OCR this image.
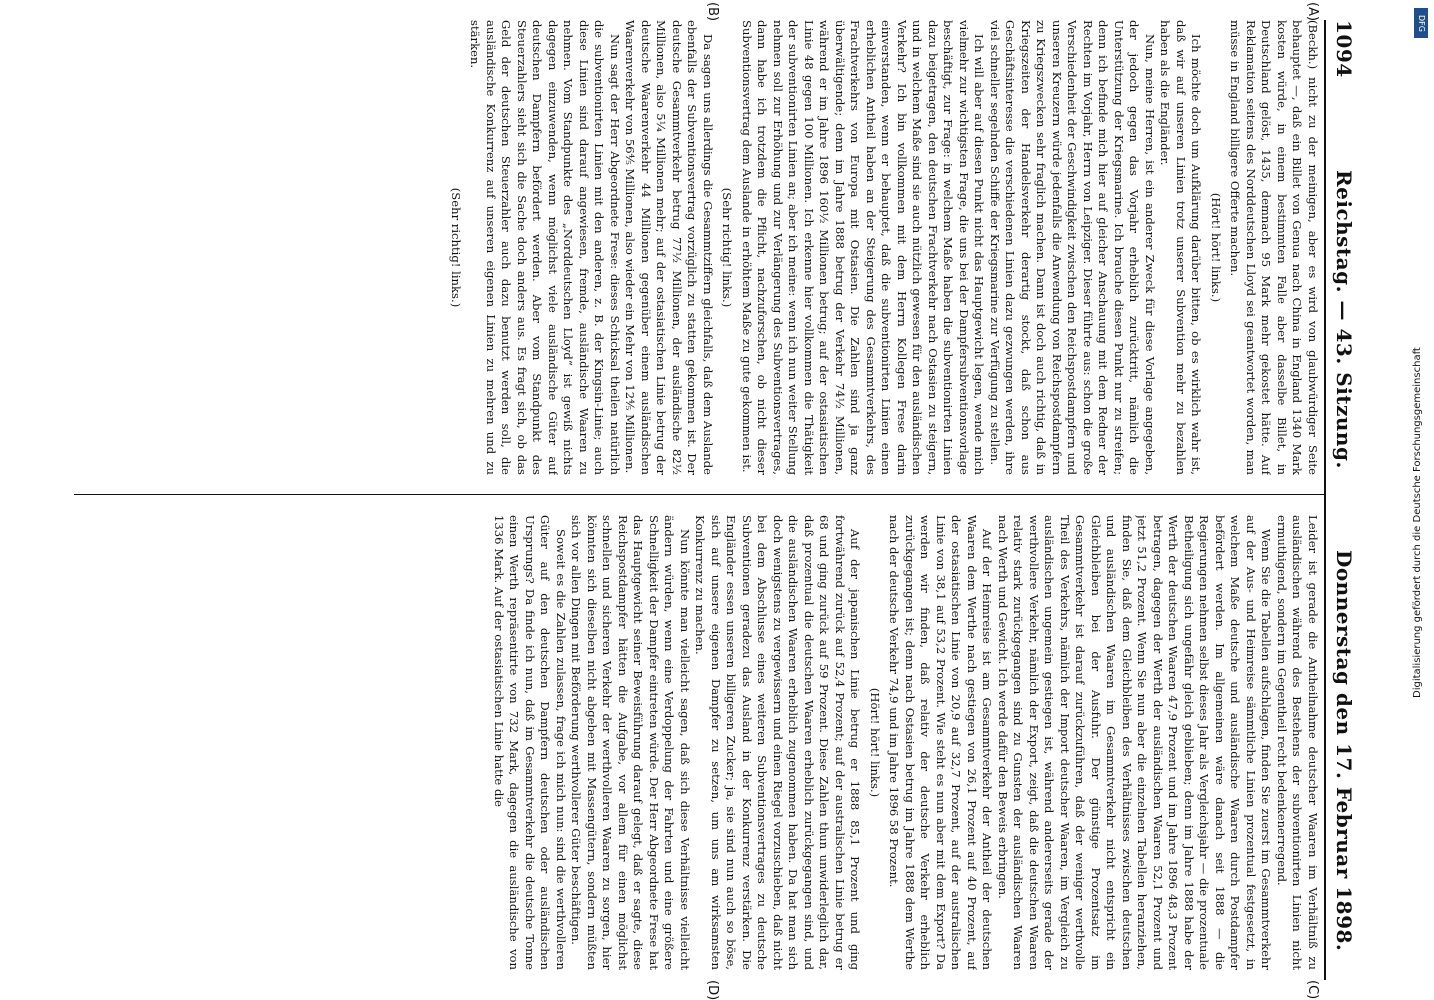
1094
Reichstag. — 43. Sitzung.
Donnerstag den 17. Februar 1898.
(A)
(B)
(C)
(D)

(Beckh.) nicht zu der meinigen, aber es wird von glaubwürdiger Seite behauptet —, daß ein Billet von Genua nach China in England 1340 Mark kosten würde, in einem bestimmten Falle aber dasselbe Billet, in Deutschland gelöst, 1435, demnach 95 Mark mehr gekostet hätte. Auf Reklamation seitens des Norddeutschen Lloyd sei geantwortet worden, man müsse in England billigere Offerte machen.

(Hört! hört! links.)

Ich möchte doch um Aufklärung darüber bitten, ob es wirklich wahr ist, daß wir auf unseren Linien trotz unserer Subvention mehr zu bezahlen haben als die Engländer.

Nun, meine Herren, ist ein anderer Zweck für diese Vorlage angegeben, der jedoch gegen das Vorjahr erheblich zurücktritt, nämlich die Unterstützung der Kriegsmarine. Ich brauche diesen Punkt nur zu streifen; denn ich befinde mich hier auf gleicher Anschauung mit dem Redner der Rechten im Vorjahr, Herrn von Leipziger. Dieser führte aus: schon die große Verschiedenheit der Geschwindigkeit zwischen den Reichspostdampfern und unseren Kreuzern würde jedenfalls die Anwendung von Reichspostdampfern zu Kriegszwecken sehr fraglich machen. Dann ist doch auch richtig, daß in Kriegszeiten der Handelsverkehr derartig stockt, daß schon aus Geschäftsinteresse die verschiedenen Linien dazu gezwungen werden, ihre viel schneller segelnden Schiffe der Kriegsmarine zur Verfügung zu stellen.

Ich will aber auf diesen Punkt nicht das Hauptgewicht legen, wende mich vielmehr zur wichtigsten Frage, die uns bei der Dampfersubventionsvorlage beschäftigt, zur Frage: in welchem Maße haben die subventionirten Linien dazu beigetragen, den deutschen Frachtverkehr nach Ostasien zu steigern, und in welchem Maße sind sie auch nützlich gewesen für den ausländischen Verkehr? Ich bin vollkommen mit dem Herrn Kollegen Frese darin einverstanden, wenn er behauptet, daß die subventionirten Linien einen erheblichen Antheil haben an der Steigerung des Gesammtverkehrs, des Frachtverkehrs von Europa mit Ostasien. Die Zahlen sind ja ganz überwältigende; denn im Jahre 1888 betrug der Verkehr 74½ Millionen, während er im Jahre 1896 160½ Millionen betrug; auf der ostasiatischen Linie 48 gegen 100 Millionen. Ich erkenne hier vollkommen die Thätigkeit der subventionirten Linien an; aber ich meine: wenn ich nun weiter Stellung nehmen soll zur Erhöhung und zur Verlängerung des Subventionsvertrages, dann habe ich trotzdem die Pflicht, nachzuforschen, ob nicht dieser Subventionsvertrag dem Auslande in erhöhtem Maße zu gute gekommen ist.

(Sehr richtig! links.)

Da sagen uns allerdings die Gesammtziffern gleichfalls, daß dem Auslande ebenfalls der Subventionsvertrag vorzüglich zu statten gekommen ist. Der deutsche Gesammtverkehr betrug 77½ Millionen, der ausländische 82½ Millionen, also 5¼ Millionen mehr; auf der ostasiatischen Linie betrug der deutsche Waarenverkehr 44 Millionen gegenüber einem ausländischen Waarenverkehr von 56⅘ Millionen, also wieder ein Mehr von 12⅘ Millionen.

Nun sagt der Herr Abgeordnete Frese: dieses Schicksal theilen natürlich die subventionirten Linien mit den anderen, z. B. der Kingsin-Linie; auch diese Linien sind darauf angewiesen, fremde, ausländische Waaren zu nehmen. Vom Standpunkte des „Norddeutschen Lloyd“ ist gewiß nichts dagegen einzuwenden, wenn möglichst viele ausländische Güter auf deutschen Dampfern befördert werden. Aber vom Standpunkt des Steuerzahlers sieht sich die Sache doch anders aus. Es fragt sich, ob das Geld der deutschen Steuerzahler auch dazu benutzt werden soll, die ausländische Konkurrenz auf unseren eigenen Linien zu mehren und zu stärken.

(Sehr richtig! links.)

Leider ist gerade die Antheilnahme deutscher Waaren im Verhältniß zu ausländischen während des Bestehens der subventionirten Linien nicht ermuthigend, sondern im Gegentheil recht bedenkenerregend.

Wenn Sie die Tabellen aufschlagen, finden Sie zuerst im Gesammtverkehr auf der Aus- und Heimreise sämmtliche Linien prozentual festgesetzt, in welchem Maße deutsche und ausländische Waaren durch Postdampfer befördert werden. Im allgemeinen wäre danach seit 1888 — die Regierungen nehmen selbst dieses Jahr als Vergleichsjahr — die prozentuale Betheiligung sich ungefähr gleich geblieben; denn im Jahre 1888 habe der Werth der deutschen Waaren 47,9 Prozent und im Jahre 1896 48,3 Prozent betragen, dagegen der Werth der ausländischen Waaren 52,1 Prozent und jetzt 51,2 Prozent. Wenn Sie nun aber die einzelnen Tabellen heranziehen, finden Sie, daß dem Gleichbleiben des Verhältnisses zwischen deutschen und ausländischen Waaren im Gesammtverkehr nicht entspricht ein Gleichbleiben bei der Ausfuhr. Der günstige Prozentsatz im Gesammtverkehr ist darauf zurückzuführen, daß der weniger werthvolle Theil des Verkehrs, nämlich der Import deutscher Waaren, im Vergleich zu ausländischen ungemein gestiegen ist, während andererseits gerade der werthvollere Verkehr, nämlich der Export, zeigt, daß die deutschen Waaren relativ stark zurückgegangen sind zu Gunsten der ausländischen Waaren nach Werth und Gewicht. Ich werde dafür den Beweis erbringen.

Auf der Heimreise ist am Gesammtverkehr der Antheil der deutschen Waaren dem Werthe nach gestiegen von 26,1 Prozent auf 40 Prozent, auf der ostasiatischen Linie von 20,9 auf 32,7 Prozent, auf der australischen Linie von 38,1 auf 53,2 Prozent. Wie steht es nun aber mit dem Export? Da werden wir finden, daß relativ der deutsche Verkehr erheblich zurückgegangen ist; denn nach Ostasien betrug im Jahre 1888 dem Werthe nach der deutsche Verkehr 74,9 und im Jahre 1896 58 Prozent.

(Hört! hört! links.)

Auf der japanischen Linie betrug er 1888 85,1 Prozent und ging fortwährend zurück auf 52,4 Prozent; auf der australischen Linie betrug er 68 und ging zurück auf 59 Prozent. Diese Zahlen thun unwiderleglich dar, daß prozentual die deutschen Waaren erheblich zurückgegangen sind, und die ausländischen Waaren erheblich zugenommen haben. Da hat man sich doch wenigstens zu vergewissern und einen Riegel vorzuschieben, daß nicht bei dem Abschlusse eines weiteren Subventionsvertrages zu deutsche Subventionen geradezu das Ausland in der Konkurrenz verstärken. Die Engländer essen unseren billigeren Zucker; ja, sie sind nun auch so böse, sich auf unsere eigenen Dampfer zu setzen, um uns am wirksamsten Konkurrenz zu machen.

Nun könnte man vielleicht sagen, daß sich diese Verhältnisse vielleicht ändern würden, wenn eine Verdoppelung der Fahrten und eine größere Schnelligkeit der Dampfer eintreten würde. Der Herr Abgeordnete Frese hat das Hauptgewicht seiner Beweisführung darauf gelegt, daß er sagte, diese Reichspostdampfer hätten die Aufgabe, vor allem für einen möglichst schnellen und sicheren Verkehr der werthvolleren Waaren zu sorgen, hier könnten sich dieselben nicht abgeben mit Massengütern, sondern müßten sich vor allen Dingen mit Beförderung werthvollerer Güter beschäftigen.

Soweit es die Zahlen zulassen, frage ich mich nun: sind die werthvolleren Güter auf den deutschen Dampfern deutschen oder ausländischen Ursprungs? Da finde ich nun, daß im Gesammtverkehr die deutsche Tonne einen Werth repräsentirte von 732 Mark, dagegen die ausländische von 1336 Mark. Auf der ostasiatischen Linie hatte die	Digitalisierung gefördert durch die Deutsche Forschungsgemeinschaft
DFG
